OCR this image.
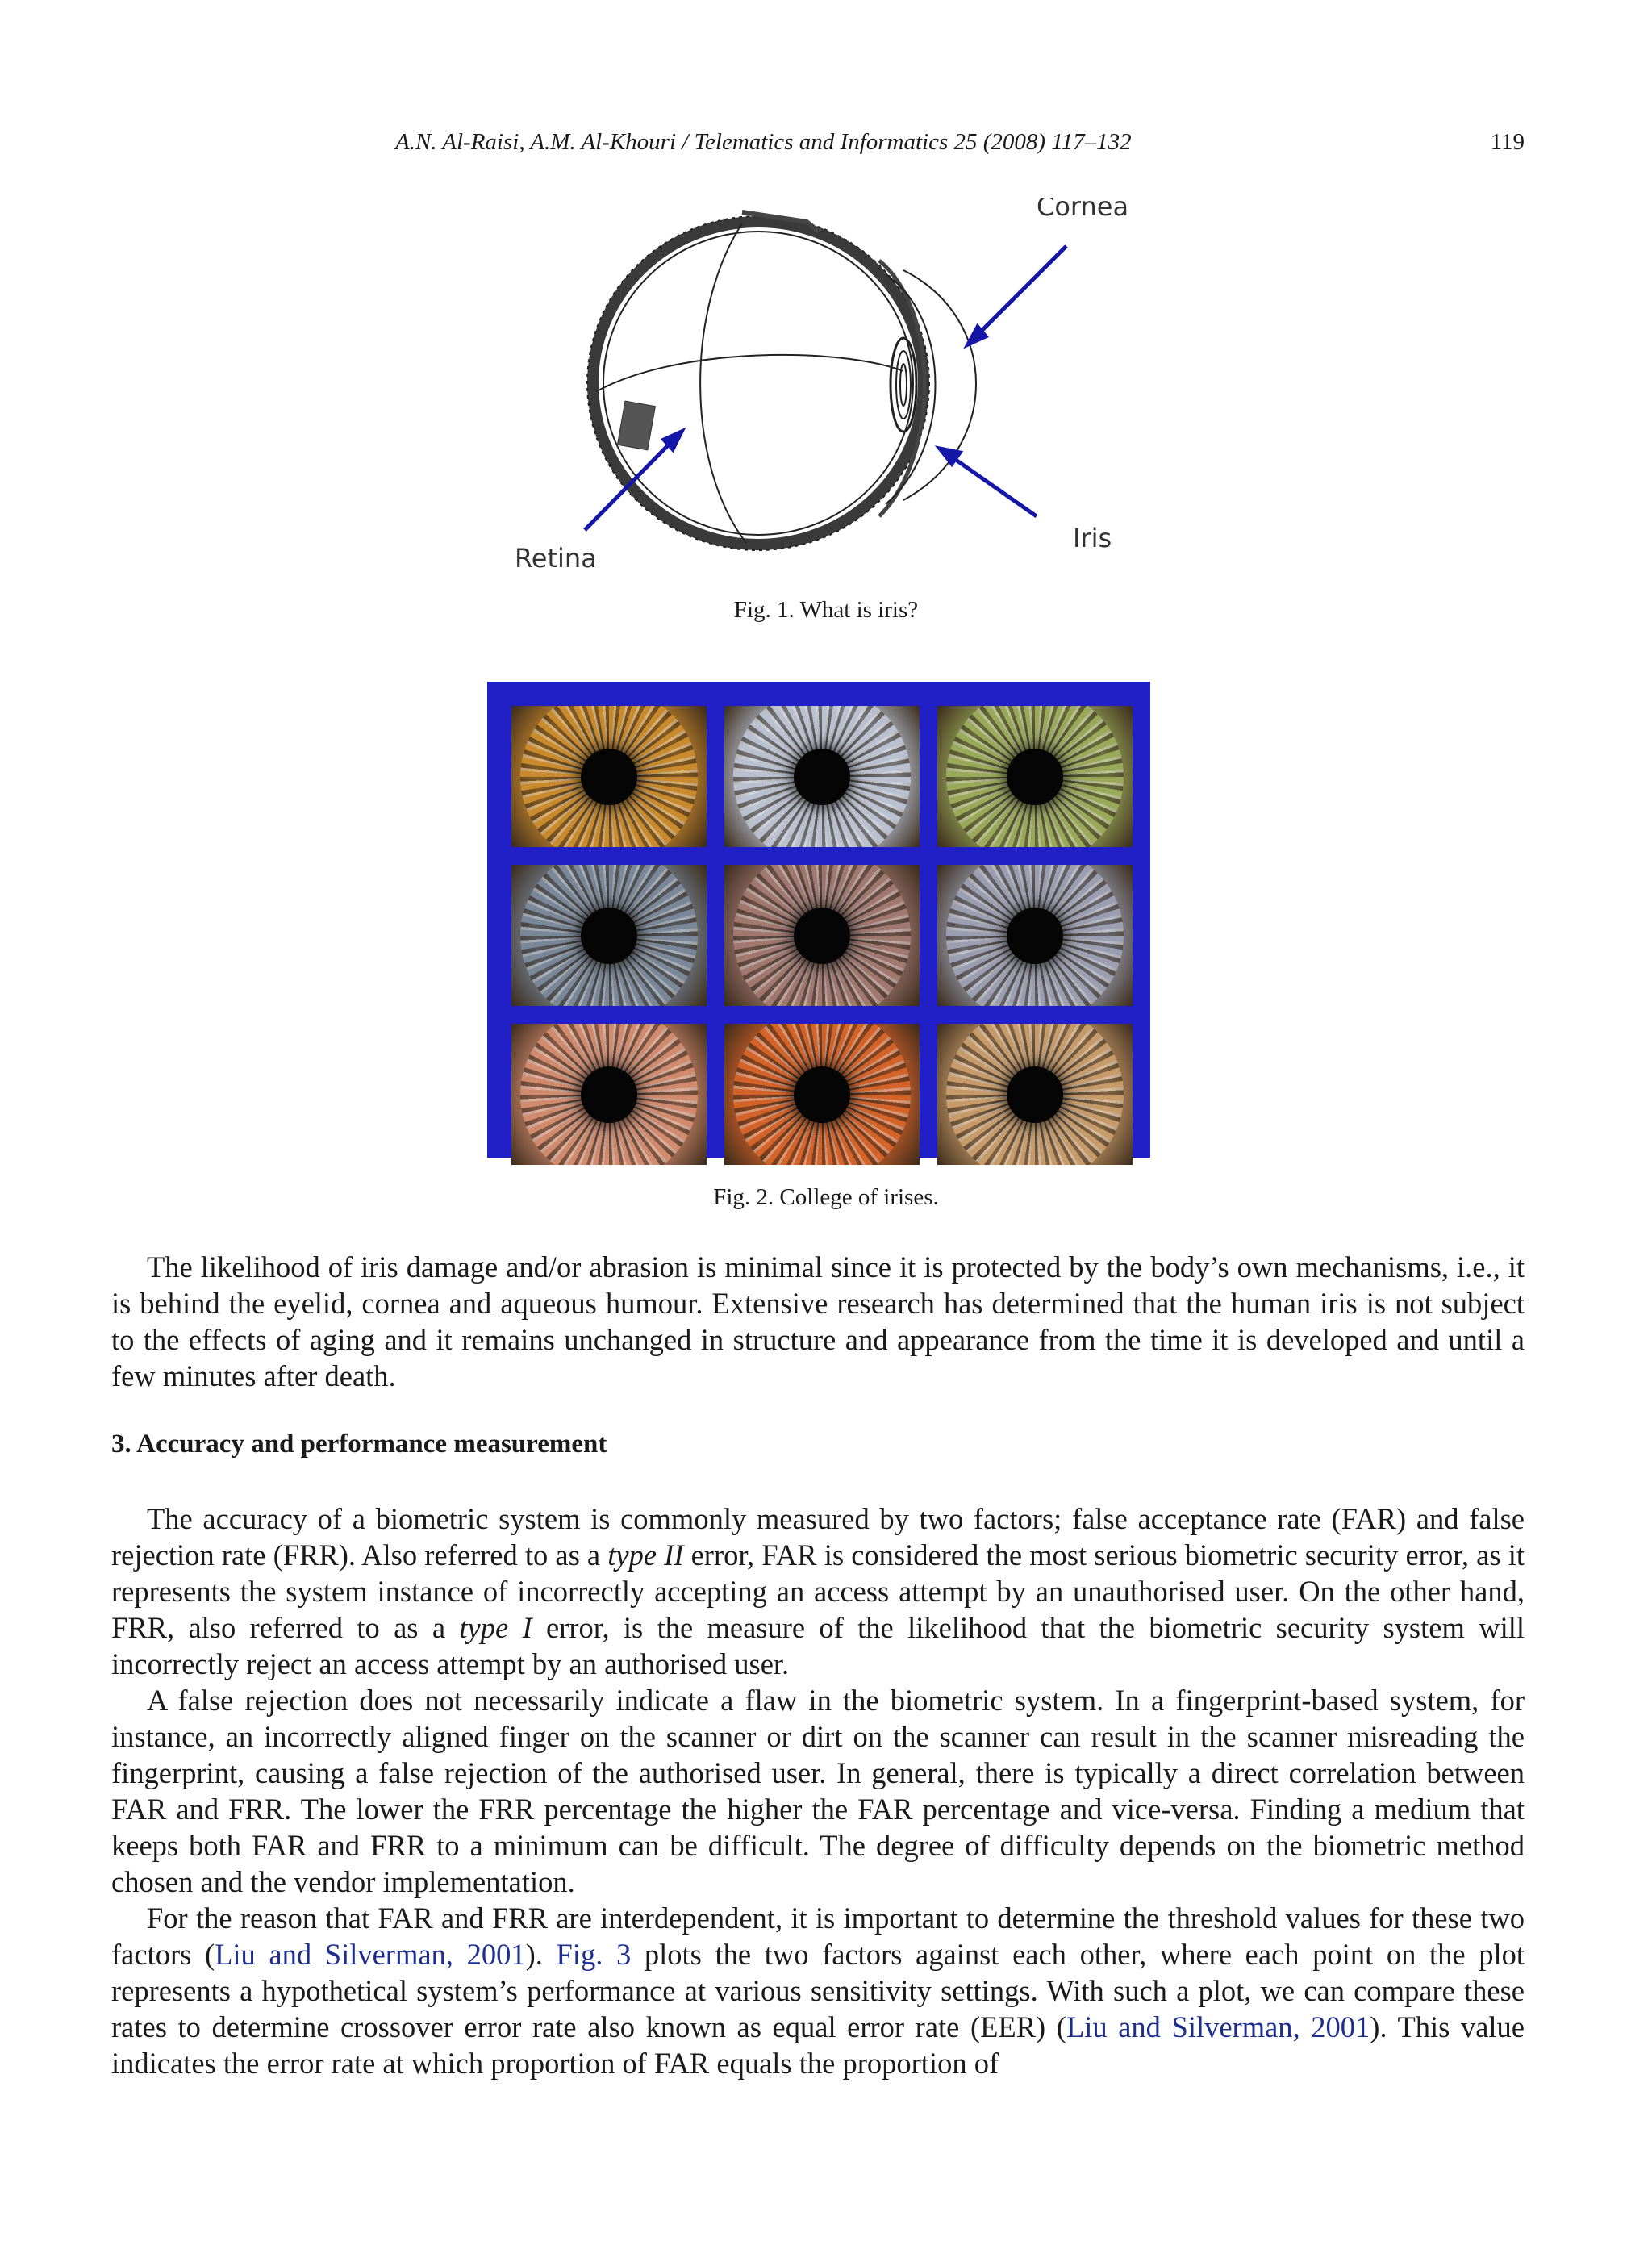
A.N. Al-Raisi, A.M. Al-Khouri / Telematics and Informatics 25 (2008) 117–132	119
Cornea
Iris
Retina
Fig. 1. What is iris?
Fig. 2. College of irises.

The likelihood of iris damage and/or abrasion is minimal since it is protected by the body’s own mechanisms, i.e., it is behind the eyelid, cornea and aqueous humour. Extensive research has determined that the human iris is not subject to the effects of aging and it remains unchanged in structure and appearance from the time it is developed and until a few minutes after death.

3. Accuracy and performance measurement

The accuracy of a biometric system is commonly measured by two factors; false acceptance rate (FAR) and false rejection rate (FRR). Also referred to as a type II error, FAR is considered the most serious biometric security error, as it represents the system instance of incorrectly accepting an access attempt by an unauthorised user. On the other hand, FRR, also referred to as a type I error, is the measure of the likelihood that the biometric security system will incorrectly reject an access attempt by an authorised user.

A false rejection does not necessarily indicate a flaw in the biometric system. In a fingerprint-based system, for instance, an incorrectly aligned finger on the scanner or dirt on the scanner can result in the scanner misreading the fingerprint, causing a false rejection of the authorised user. In general, there is typically a direct correlation between FAR and FRR. The lower the FRR percentage the higher the FAR percentage and vice-versa. Finding a medium that keeps both FAR and FRR to a minimum can be difficult. The degree of difficulty depends on the biometric method chosen and the vendor implementation.

For the reason that FAR and FRR are interdependent, it is important to determine the threshold values for these two factors (Liu and Silverman, 2001). Fig. 3 plots the two factors against each other, where each point on the plot represents a hypothetical system’s performance at various sensitivity settings. With such a plot, we can compare these rates to determine crossover error rate also known as equal error rate (EER) (Liu and Silverman, 2001). This value indicates the error rate at which proportion of FAR equals the proportion of
